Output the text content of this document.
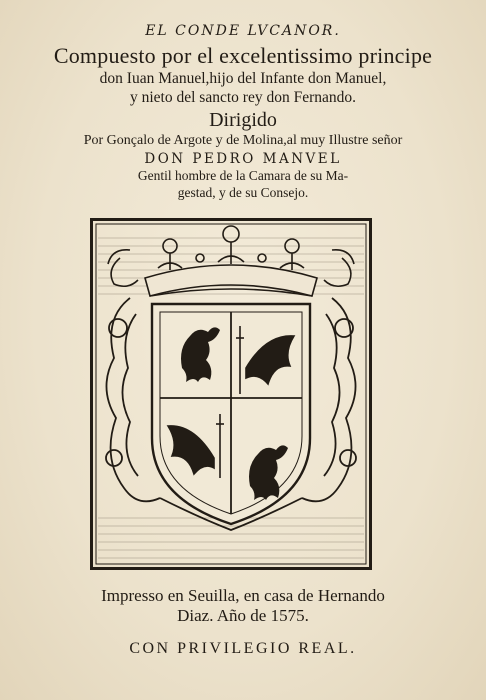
EL CONDE LVCANOR.
Compuesto por el excelentissimo principe
don Iuan Manuel,hijo del Infante don Manuel,
y nieto del sancto rey don Fernando.
Dirigido
Por Gonçalo de Argote y de Molina,al muy Illustre señor
DON PEDRO MANVEL
Gentil hombre de la Camara de su Ma-
gestad, y de su Consejo.
Impresso en Seuilla, en casa de Hernando
Diaz. Año de 1575.
CON PRIVILEGIO REAL.
